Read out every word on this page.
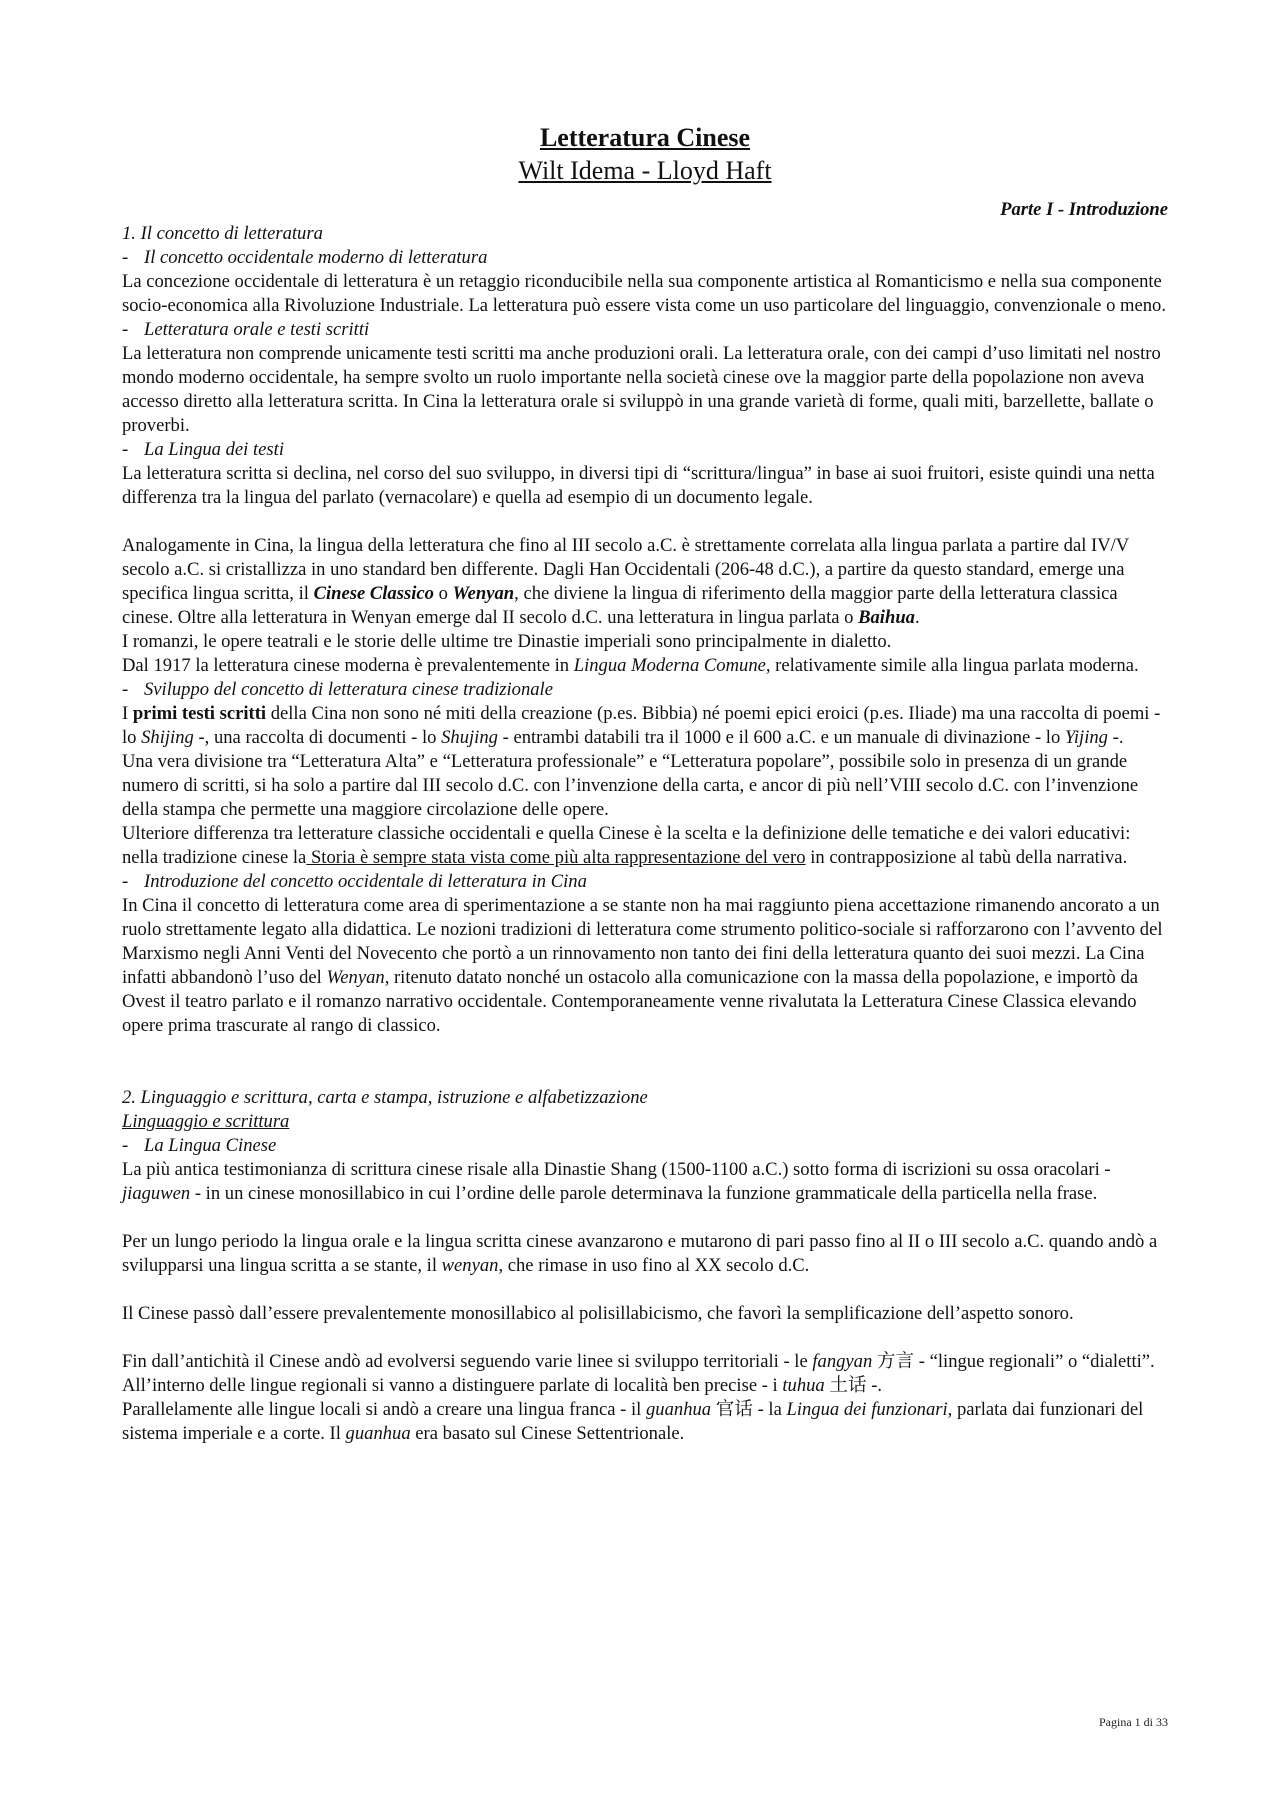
Letteratura Cinese
Wilt Idema - Lloyd Haft
Parte I - Introduzione
1. Il concetto di letteratura
- Il concetto occidentale moderno di letteratura

La concezione occidentale di letteratura è un retaggio riconducibile nella sua componente artistica al Romanticismo e nella sua componente socio-economica alla Rivoluzione Industriale. La letteratura può essere vista come un uso particolare del linguaggio, convenzionale o meno.

- Letteratura orale e testi scritti

La letteratura non comprende unicamente testi scritti ma anche produzioni orali. La letteratura orale, con dei campi d’uso limitati nel nostro mondo moderno occidentale, ha sempre svolto un ruolo importante nella società cinese ove la maggior parte della popolazione non aveva accesso diretto alla letteratura scritta. In Cina la letteratura orale si sviluppò in una grande varietà di forme, quali miti, barzellette, ballate o proverbi.

- La Lingua dei testi

La letteratura scritta si declina, nel corso del suo sviluppo, in diversi tipi di “scrittura/lingua” in base ai suoi fruitori, esiste quindi una netta differenza tra la lingua del parlato (vernacolare) e quella ad esempio di un documento legale.

Analogamente in Cina, la lingua della letteratura che fino al III secolo a.C. è strettamente correlata alla lingua parlata a partire dal IV/V secolo a.C. si cristallizza in uno standard ben differente. Dagli Han Occidentali (206-48 d.C.), a partire da questo standard, emerge una specifica lingua scritta, il Cinese Classico o Wenyan, che diviene la lingua di riferimento della maggior parte della letteratura classica cinese. Oltre alla letteratura in Wenyan emerge dal II secolo d.C. una letteratura in lingua parlata o Baihua.

I romanzi, le opere teatrali e le storie delle ultime tre Dinastie imperiali sono principalmente in dialetto.

Dal 1917 la letteratura cinese moderna è prevalentemente in Lingua Moderna Comune, relativamente simile alla lingua parlata moderna.

- Sviluppo del concetto di letteratura cinese tradizionale

I primi testi scritti della Cina non sono né miti della creazione (p.es. Bibbia) né poemi epici eroici (p.es. Iliade) ma una raccolta di poemi - lo Shijing -, una raccolta di documenti - lo Shujing - entrambi databili tra il 1000 e il 600 a.C. e un manuale di divinazione - lo Yijing -.

Una vera divisione tra “Letteratura Alta” e “Letteratura professionale” e “Letteratura popolare”, possibile solo in presenza di un grande numero di scritti, si ha solo a partire dal III secolo d.C. con l’invenzione della carta, e ancor di più nell’VIII secolo d.C. con l’invenzione della stampa che permette una maggiore circolazione delle opere.

Ulteriore differenza tra letterature classiche occidentali e quella Cinese è la scelta e la definizione delle tematiche e dei valori educativi: nella tradizione cinese la Storia è sempre stata vista come più alta rappresentazione del vero in contrapposizione al tabù della narrativa.

- Introduzione del concetto occidentale di letteratura in Cina

In Cina il concetto di letteratura come area di sperimentazione a se stante non ha mai raggiunto piena accettazione rimanendo ancorato a un ruolo strettamente legato alla didattica. Le nozioni tradizioni di letteratura come strumento politico-sociale si rafforzarono con l’avvento del Marxismo negli Anni Venti del Novecento che portò a un rinnovamento non tanto dei fini della letteratura quanto dei suoi mezzi. La Cina infatti abbandonò l’uso del Wenyan, ritenuto datato nonché un ostacolo alla comunicazione con la massa della popolazione, e importò da Ovest il teatro parlato e il romanzo narrativo occidentale. Contemporaneamente venne rivalutata la Letteratura Cinese Classica elevando opere prima trascurate al rango di classico.

2. Linguaggio e scrittura, carta e stampa, istruzione e alfabetizzazione
Linguaggio e scrittura
- La Lingua Cinese

La più antica testimonianza di scrittura cinese risale alla Dinastie Shang (1500-1100 a.C.) sotto forma di iscrizioni su ossa oracolari - jiaguwen - in un cinese monosillabico in cui l’ordine delle parole determinava la funzione grammaticale della particella nella frase.

Per un lungo periodo la lingua orale e la lingua scritta cinese avanzarono e mutarono di pari passo fino al II o III secolo a.C. quando andò a svilupparsi una lingua scritta a se stante, il wenyan, che rimase in uso fino al XX secolo d.C.

Il Cinese passò dall’essere prevalentemente monosillabico al polisillabicismo, che favorì la semplificazione dell’aspetto sonoro.

Fin dall’antichità il Cinese andò ad evolversi seguendo varie linee si sviluppo territoriali - le fangyan 方言 - “lingue regionali” o “dialetti”. All’interno delle lingue regionali si vanno a distinguere parlate di località ben precise - i tuhua 土话 -.

Parallelamente alle lingue locali si andò a creare una lingua franca - il guanhua 官话 - la Lingua dei funzionari, parlata dai funzionari del sistema imperiale e a corte. Il guanhua era basato sul Cinese Settentrionale.

Pagina 1 di 33
